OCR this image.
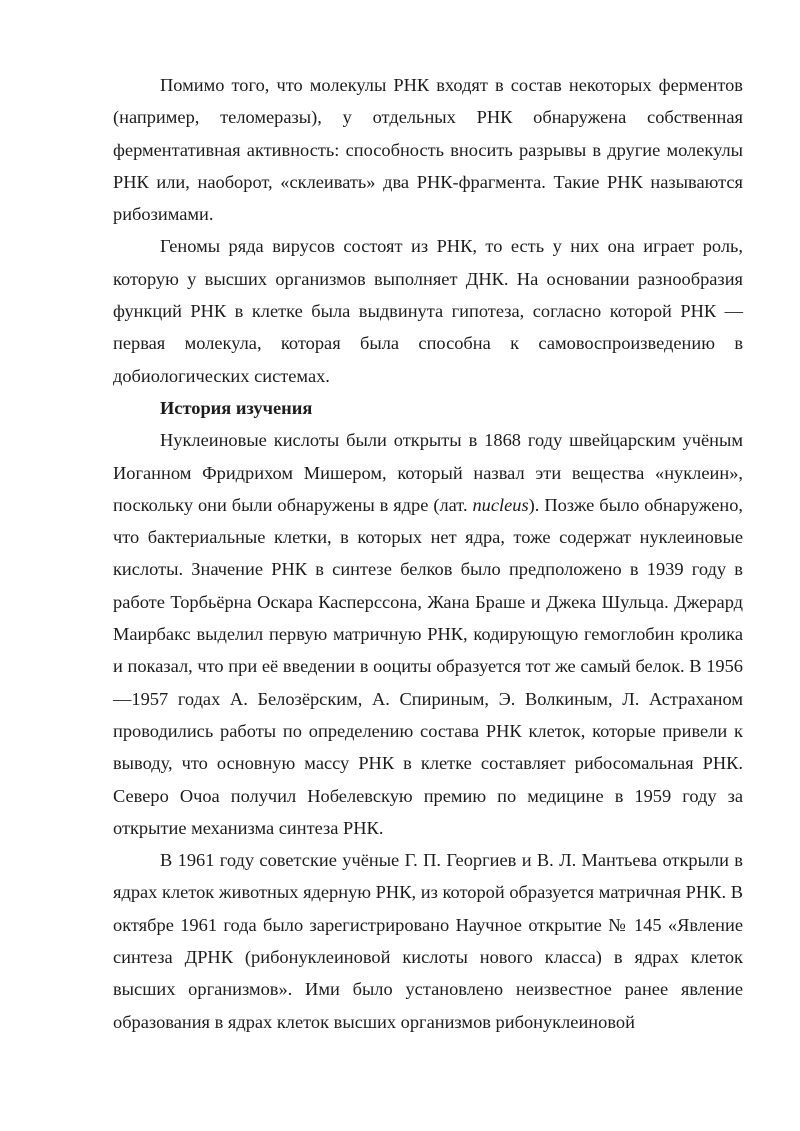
Помимо того, что молекулы РНК входят в состав некоторых ферментов (например, теломеразы), у отдельных РНК обнаружена собственная ферментативная активность: способность вносить разрывы в другие молекулы РНК или, наоборот, «склеивать» два РНК-фрагмента. Такие РНК называются рибозимами.

Геномы ряда вирусов состоят из РНК, то есть у них она играет роль, которую у высших организмов выполняет ДНК. На основании разнообразия функций РНК в клетке была выдвинута гипотеза, согласно которой РНК — первая молекула, которая была способна к самовоспроизведению в добиологических системах.

История изучения

Нуклеиновые кислоты были открыты в 1868 году швейцарским учёным Иоганном Фридрихом Мишером, который назвал эти вещества «нуклеин», поскольку они были обнаружены в ядре (лат. nucleus). Позже было обнаружено, что бактериальные клетки, в которых нет ядра, тоже содержат нуклеиновые кислоты. Значение РНК в синтезе белков было предположено в 1939 году в работе Торбьёрна Оскара Касперссона, Жана Браше и Джека Шульца. Джерард Маирбакс выделил первую матричную РНК, кодирующую гемоглобин кролика и показал, что при её введении в ооциты образуется тот же самый белок. В 1956—1957 годах А. Белозёрским, А. Спириным, Э. Волкиным, Л. Астраханом проводились работы по определению состава РНК клеток, которые привели к выводу, что основную массу РНК в клетке составляет рибосомальная РНК. Северо Очоа получил Нобелевскую премию по медицине в 1959 году за открытие механизма синтеза РНК.

В 1961 году советские учёные Г. П. Георгиев и В. Л. Мантьева открыли в ядрах клеток животных ядерную РНК, из которой образуется матричная РНК. В октябре 1961 года было зарегистрировано Научное открытие № 145 «Явление синтеза ДРНК (рибонуклеиновой кислоты нового класса) в ядрах клеток высших организмов». Ими было установлено неизвестное ранее явление образования в ядрах клеток высших организмов рибонуклеиновой
